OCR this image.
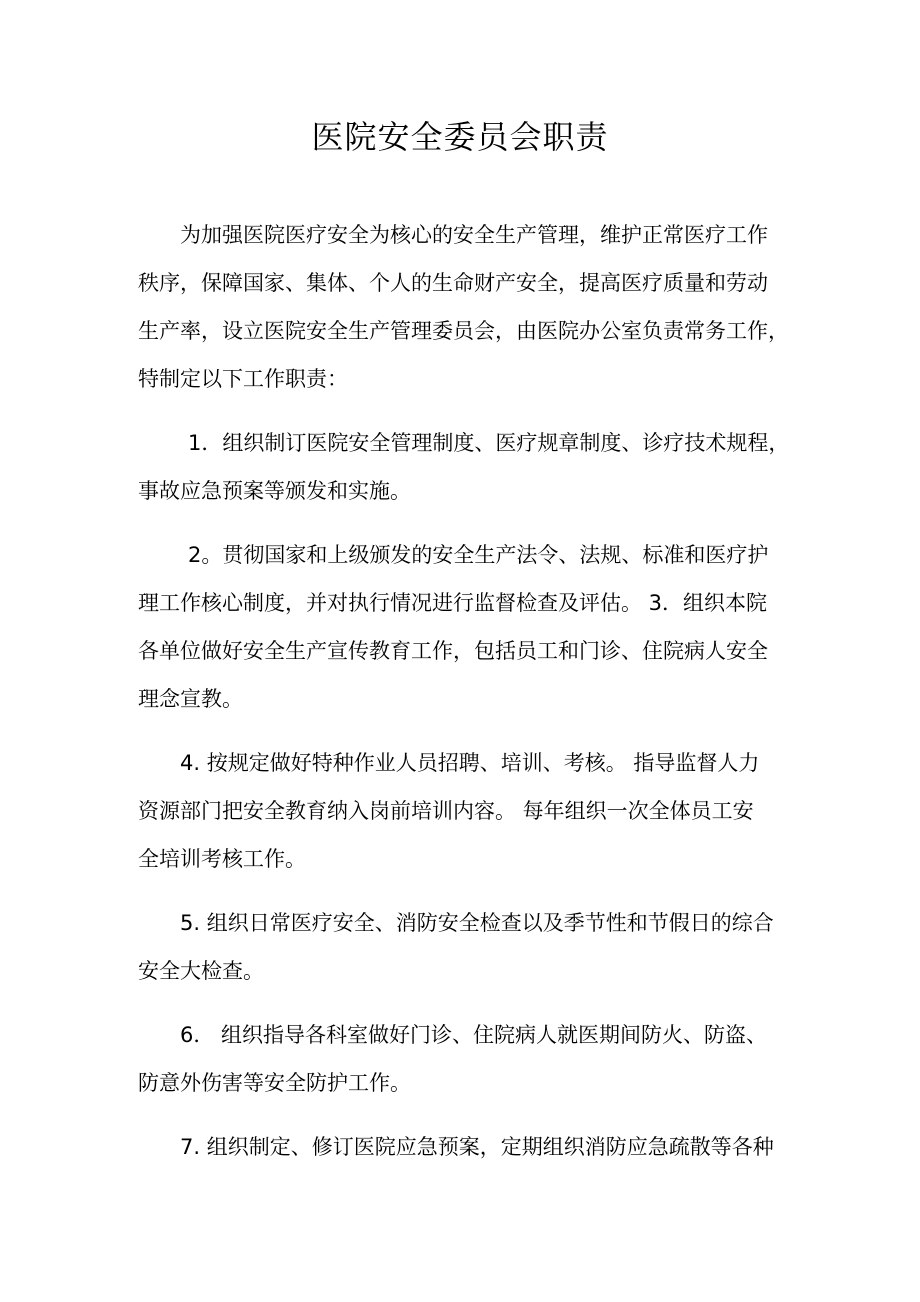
医院安全委员会职责

为加强医院医疗安全为核心的安全生产管理，维护正常医疗工作

秩序，保障国家、集体、个人的生命财产安全，提高医疗质量和劳动

生产率，设立医院安全生产管理委员会，由医院办公室负责常务工作，

特制定以下工作职责：

1．组织制订医院安全管理制度、医疗规章制度、诊疗技术规程，

事故应急预案等颁发和实施。

2。贯彻国家和上级颁发的安全生产法令、法规、标准和医疗护

理工作核心制度，并对执行情况进行监督检查及评估。 3．组织本院

各单位做好安全生产宣传教育工作，包括员工和门诊、住院病人安全

理念宣教。

4. 按规定做好特种作业人员招聘、培训、考核。 指导监督人力

资源部门把安全教育纳入岗前培训内容。 每年组织一次全体员工安

全培训考核工作。

5. 组织日常医疗安全、消防安全检查以及季节性和节假日的综合

安全大检查。

6． 组织指导各科室做好门诊、住院病人就医期间防火、防盗、

防意外伤害等安全防护工作。

7. 组织制定、修订医院应急预案，定期组织消防应急疏散等各种
